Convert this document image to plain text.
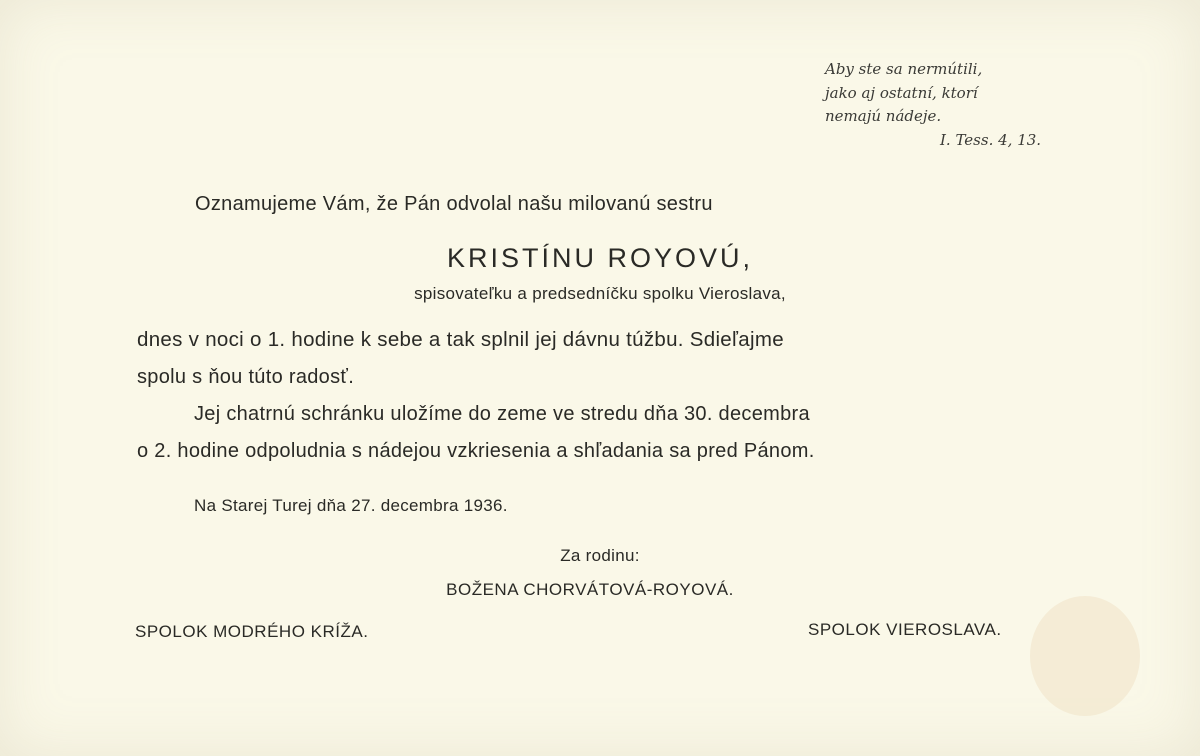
Aby ste sa nermútili,
jako aj ostatní, ktorí
nemajú nádeje.
I. Tess. 4, 13.
Oznamujeme Vám, že Pán odvolal našu milovanú sestru
KRISTÍNU ROYOVÚ,
spisovateľku a predsedníčku spolku Vieroslava,
dnes v noci o 1. hodine k sebe a tak splnil jej dávnu túžbu. Sdieľajme
spolu s ňou túto radosť.
Jej chatrnú schránku uložíme do zeme ve stredu dňa 30. decembra
o 2. hodine odpoludnia s nádejou vzkriesenia a shľadania sa pred Pánom.
Na Starej Turej dňa 27. decembra 1936.
Za rodinu:
BOŽENA CHORVÁTOVÁ-ROYOVÁ.
SPOLOK MODRÉHO KRÍŽA.	SPOLOK VIEROSLAVA.
